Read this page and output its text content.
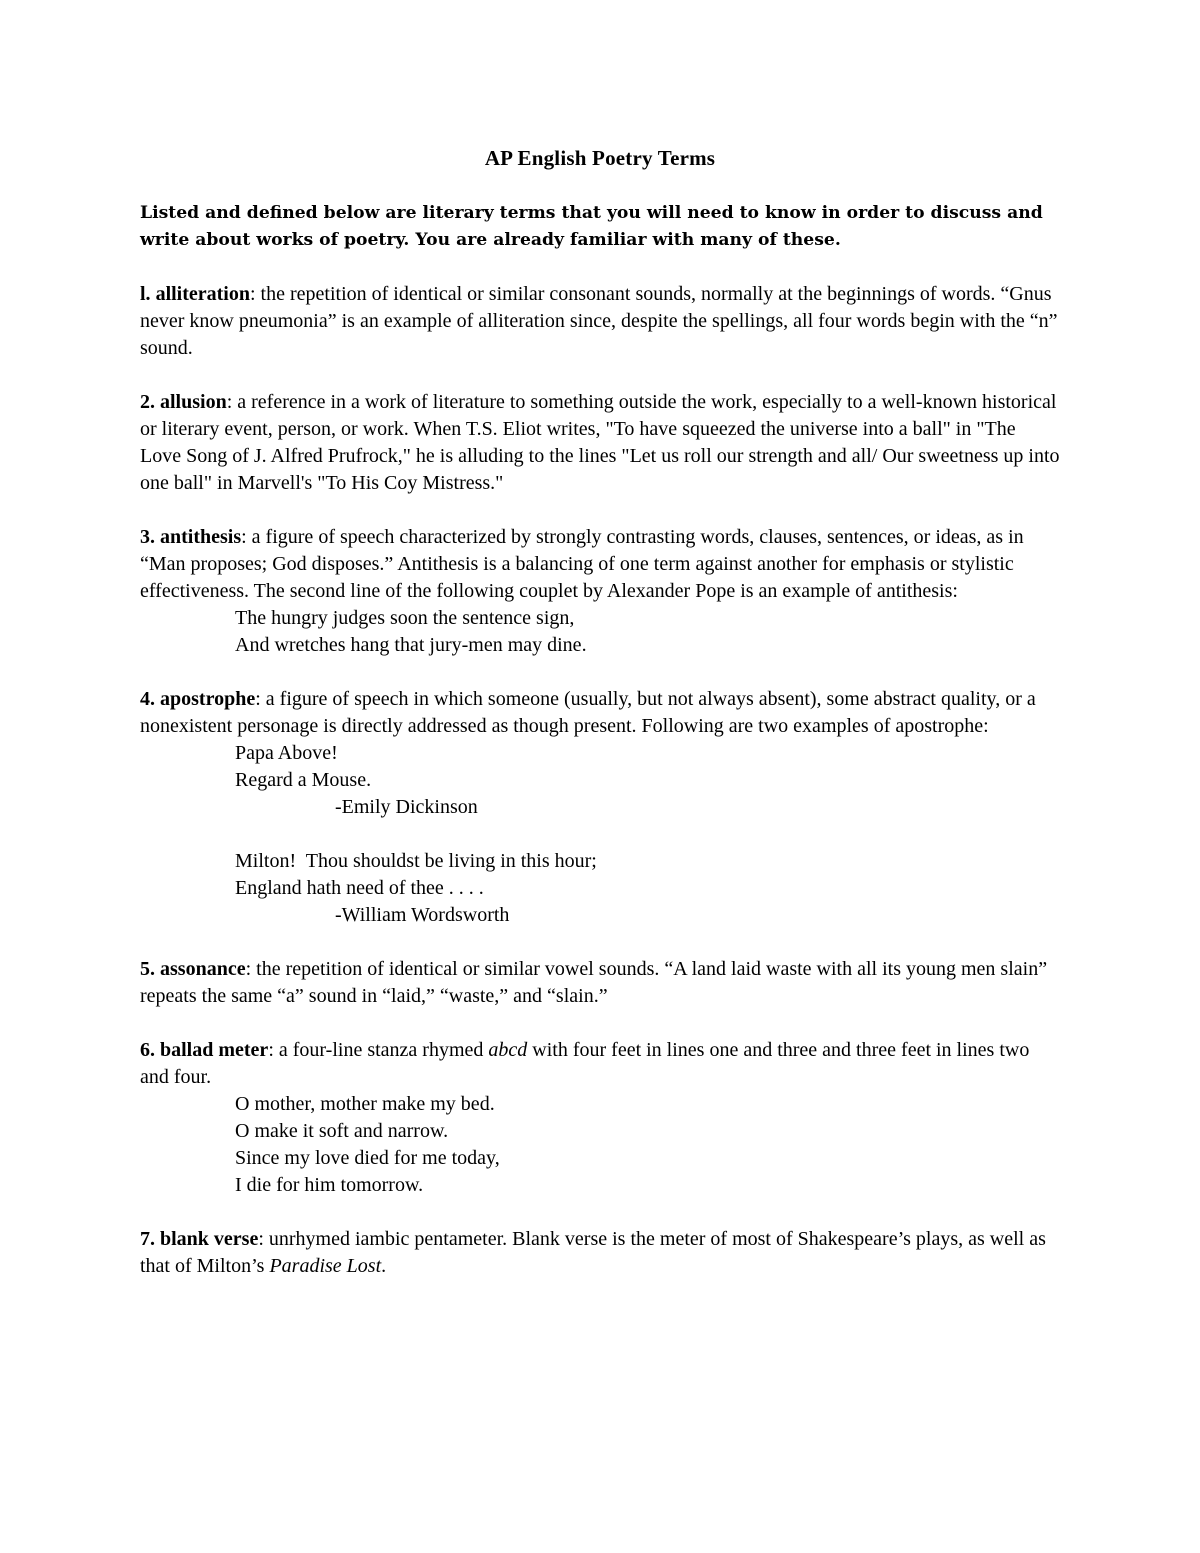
AP English Poetry Terms

Listed and defined below are literary terms that you will need to know in order to discuss and write about works of poetry. You are already familiar with many of these.

l. alliteration: the repetition of identical or similar consonant sounds, normally at the beginnings of words. “Gnus never know pneumonia” is an example of alliteration since, despite the spellings, all four words begin with the “n” sound.

2. allusion: a reference in a work of literature to something outside the work, especially to a well-known historical or literary event, person, or work. When T.S. Eliot writes, "To have squeezed the universe into a ball" in "The Love Song of J. Alfred Prufrock," he is alluding to the lines "Let us roll our strength and all/ Our sweetness up into one ball" in Marvell's "To His Coy Mistress."

3. antithesis: a figure of speech characterized by strongly contrasting words, clauses, sentences, or ideas, as in “Man proposes; God disposes.” Antithesis is a balancing of one term against another for emphasis or stylistic effectiveness. The second line of the following couplet by Alexander Pope is an example of antithesis:

The hungry judges soon the sentence sign,
And wretches hang that jury-men may dine.

4. apostrophe: a figure of speech in which someone (usually, but not always absent), some abstract quality, or a nonexistent personage is directly addressed as though present. Following are two examples of apostrophe:

Papa Above!
Regard a Mouse.
-Emily Dickinson
Milton!  Thou shouldst be living in this hour;
England hath need of thee . . . .
-William Wordsworth

5. assonance: the repetition of identical or similar vowel sounds. “A land laid waste with all its young men slain” repeats the same “a” sound in “laid,” “waste,” and “slain.”

6. ballad meter: a four-line stanza rhymed abcd with four feet in lines one and three and three feet in lines two and four.

O mother, mother make my bed.
O make it soft and narrow.
Since my love died for me today,
I die for him tomorrow.

7. blank verse: unrhymed iambic pentameter. Blank verse is the meter of most of Shakespeare’s plays, as well as that of Milton’s Paradise Lost.
